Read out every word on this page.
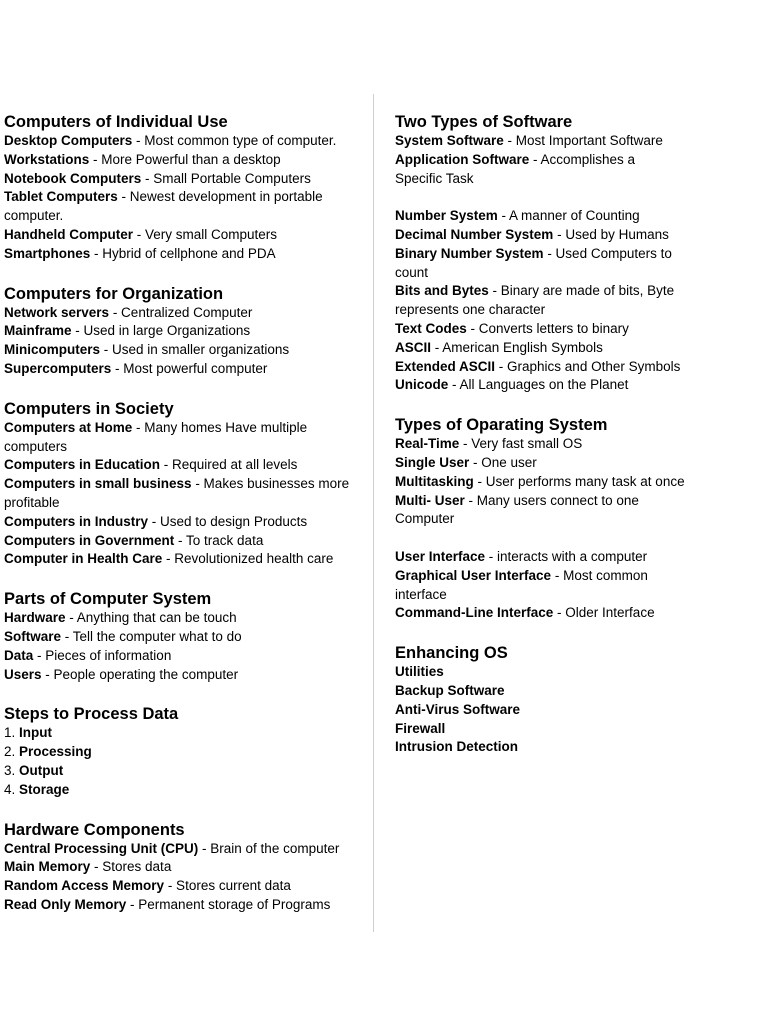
Computers of Individual Use
Desktop Computers - Most common type of computer.
Workstations - More Powerful than a desktop
Notebook Computers - Small Portable Computers
Tablet Computers - Newest development in portable computer.
Handheld Computer - Very small Computers
Smartphones - Hybrid of cellphone and PDA
Computers for Organization
Network servers - Centralized Computer
Mainframe - Used in large Organizations
Minicomputers - Used in smaller organizations
Supercomputers - Most powerful computer
Computers in Society
Computers at Home - Many homes Have multiple computers
Computers in Education - Required at all levels
Computers in small business - Makes businesses more profitable
Computers in Industry - Used to design Products
Computers in Government - To track data
Computer in Health Care - Revolutionized health care
Parts of Computer System
Hardware - Anything that can be touch
Software - Tell the computer what to do
Data - Pieces of information
Users - People operating the computer
Steps to Process Data
1. Input
2. Processing
3. Output
4. Storage
Hardware Components
Central Processing Unit (CPU) - Brain of the computer
Main Memory - Stores data
Random Access Memory - Stores current data
Read Only Memory - Permanent storage of Programs
Two Types of Software
System Software - Most Important Software
Application Software - Accomplishes a Specific Task
Number System - A manner of Counting
Decimal Number System - Used by Humans
Binary Number System - Used Computers to count
Bits and Bytes - Binary are made of bits, Byte represents one character
Text Codes - Converts letters to binary
ASCII - American English Symbols
Extended ASCII - Graphics and Other Symbols
Unicode - All Languages on the Planet
Types of Oparating System
Real-Time - Very fast small OS
Single User - One user
Multitasking - User performs many task at once
Multi- User - Many users connect to one Computer
User Interface - interacts with a computer
Graphical User Interface - Most common interface
Command-Line Interface - Older Interface
Enhancing OS
Utilities
Backup Software
Anti-Virus Software
Firewall
Intrusion Detection
